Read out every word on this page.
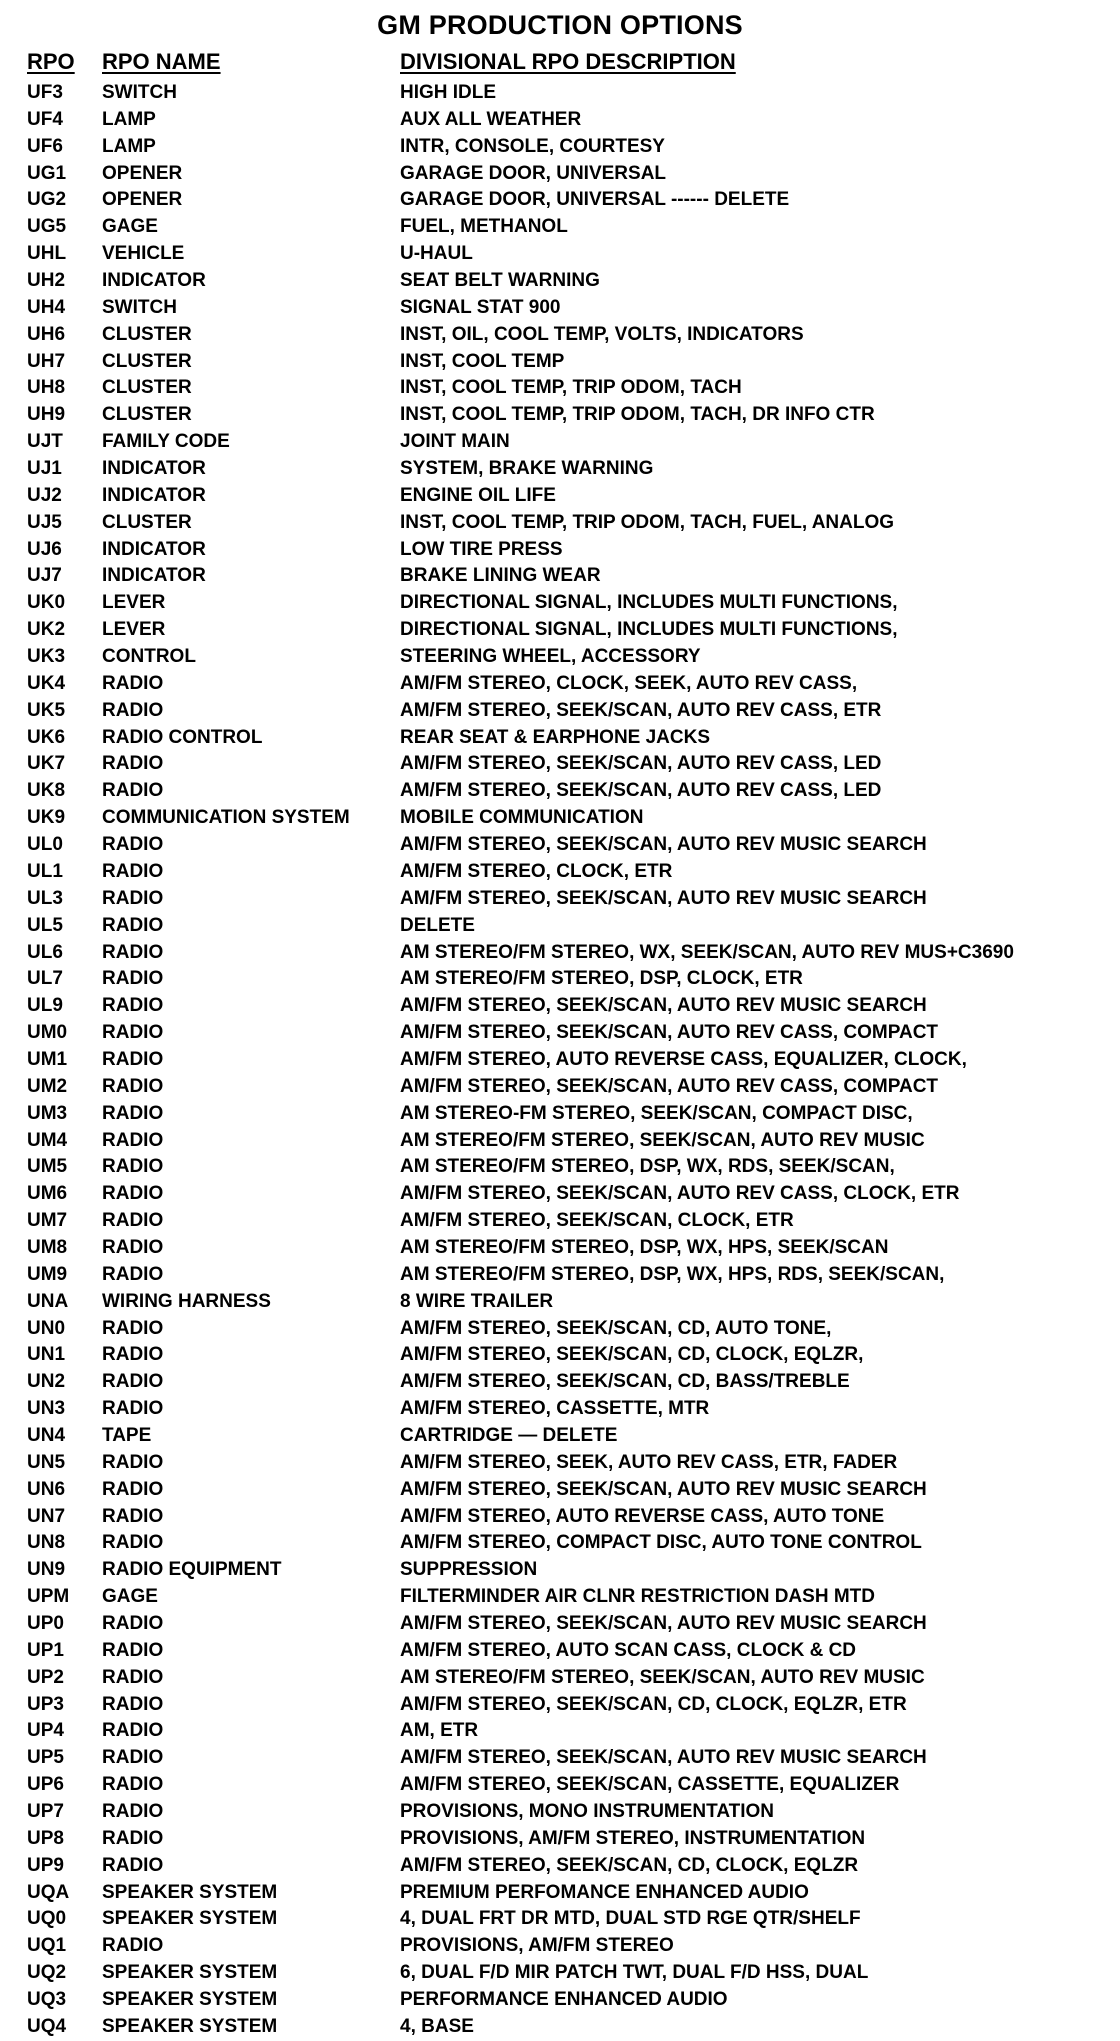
GM PRODUCTION OPTIONS
RPO RPO NAME	DIVISIONAL RPO DESCRIPTION
UF3 SWITCH	HIGH IDLE
UF4 LAMP	AUX ALL WEATHER
UF6 LAMP	INTR, CONSOLE, COURTESY
UG1 OPENER	GARAGE DOOR, UNIVERSAL
UG2 OPENER	GARAGE DOOR, UNIVERSAL ------ DELETE
UG5 GAGE	FUEL, METHANOL
UHL VEHICLE	U-HAUL
UH2 INDICATOR	SEAT BELT WARNING
UH4 SWITCH	SIGNAL STAT 900
UH6 CLUSTER	INST, OIL, COOL TEMP, VOLTS, INDICATORS
UH7 CLUSTER	INST, COOL TEMP
UH8 CLUSTER	INST, COOL TEMP, TRIP ODOM, TACH
UH9 CLUSTER	INST, COOL TEMP, TRIP ODOM, TACH, DR INFO CTR
UJT FAMILY CODE	JOINT MAIN
UJ1 INDICATOR	SYSTEM, BRAKE WARNING
UJ2 INDICATOR	ENGINE OIL LIFE
UJ5 CLUSTER	INST, COOL TEMP, TRIP ODOM, TACH, FUEL, ANALOG
UJ6 INDICATOR	LOW TIRE PRESS
UJ7 INDICATOR	BRAKE LINING WEAR
UK0 LEVER	DIRECTIONAL SIGNAL, INCLUDES MULTI FUNCTIONS,
UK2 LEVER	DIRECTIONAL SIGNAL, INCLUDES MULTI FUNCTIONS,
UK3 CONTROL	STEERING WHEEL, ACCESSORY
UK4 RADIO	AM/FM STEREO, CLOCK, SEEK, AUTO REV CASS,
UK5 RADIO	AM/FM STEREO, SEEK/SCAN, AUTO REV CASS, ETR
UK6 RADIO CONTROL	REAR SEAT & EARPHONE JACKS
UK7 RADIO	AM/FM STEREO, SEEK/SCAN, AUTO REV CASS, LED
UK8 RADIO	AM/FM STEREO, SEEK/SCAN, AUTO REV CASS, LED
UK9 COMMUNICATION SYSTEM	MOBILE COMMUNICATION
UL0 RADIO	AM/FM STEREO, SEEK/SCAN, AUTO REV MUSIC SEARCH
UL1 RADIO	AM/FM STEREO, CLOCK, ETR
UL3 RADIO	AM/FM STEREO, SEEK/SCAN, AUTO REV MUSIC SEARCH
UL5 RADIO	DELETE
UL6 RADIO	AM STEREO/FM STEREO, WX, SEEK/SCAN, AUTO REV MUS+C3690
UL7 RADIO	AM STEREO/FM STEREO, DSP, CLOCK, ETR
UL9 RADIO	AM/FM STEREO, SEEK/SCAN, AUTO REV MUSIC SEARCH
UM0 RADIO	AM/FM STEREO, SEEK/SCAN, AUTO REV CASS, COMPACT
UM1 RADIO	AM/FM STEREO, AUTO REVERSE CASS, EQUALIZER, CLOCK,
UM2 RADIO	AM/FM STEREO, SEEK/SCAN, AUTO REV CASS, COMPACT
UM3 RADIO	AM STEREO-FM STEREO, SEEK/SCAN, COMPACT DISC,
UM4 RADIO	AM STEREO/FM STEREO, SEEK/SCAN, AUTO REV MUSIC
UM5 RADIO	AM STEREO/FM STEREO, DSP, WX, RDS, SEEK/SCAN,
UM6 RADIO	AM/FM STEREO, SEEK/SCAN, AUTO REV CASS, CLOCK, ETR
UM7 RADIO	AM/FM STEREO, SEEK/SCAN, CLOCK, ETR
UM8 RADIO	AM STEREO/FM STEREO, DSP, WX, HPS, SEEK/SCAN
UM9 RADIO	AM STEREO/FM STEREO, DSP, WX, HPS, RDS, SEEK/SCAN,
UNA WIRING HARNESS	8 WIRE TRAILER
UN0 RADIO	AM/FM STEREO, SEEK/SCAN, CD, AUTO TONE,
UN1 RADIO	AM/FM STEREO, SEEK/SCAN, CD, CLOCK, EQLZR,
UN2 RADIO	AM/FM STEREO, SEEK/SCAN, CD, BASS/TREBLE
UN3 RADIO	AM/FM STEREO, CASSETTE, MTR
UN4 TAPE	CARTRIDGE — DELETE
UN5 RADIO	AM/FM STEREO, SEEK, AUTO REV CASS, ETR, FADER
UN6 RADIO	AM/FM STEREO, SEEK/SCAN, AUTO REV MUSIC SEARCH
UN7 RADIO	AM/FM STEREO, AUTO REVERSE CASS, AUTO TONE
UN8 RADIO	AM/FM STEREO, COMPACT DISC, AUTO TONE CONTROL
UN9 RADIO EQUIPMENT	SUPPRESSION
UPM GAGE	FILTERMINDER AIR CLNR RESTRICTION DASH MTD
UP0 RADIO	AM/FM STEREO, SEEK/SCAN, AUTO REV MUSIC SEARCH
UP1 RADIO	AM/FM STEREO, AUTO SCAN CASS, CLOCK & CD
UP2 RADIO	AM STEREO/FM STEREO, SEEK/SCAN, AUTO REV MUSIC
UP3 RADIO	AM/FM STEREO, SEEK/SCAN, CD, CLOCK, EQLZR, ETR
UP4 RADIO	AM, ETR
UP5 RADIO	AM/FM STEREO, SEEK/SCAN, AUTO REV MUSIC SEARCH
UP6 RADIO	AM/FM STEREO, SEEK/SCAN, CASSETTE, EQUALIZER
UP7 RADIO	PROVISIONS, MONO INSTRUMENTATION
UP8 RADIO	PROVISIONS, AM/FM STEREO, INSTRUMENTATION
UP9 RADIO	AM/FM STEREO, SEEK/SCAN, CD, CLOCK, EQLZR
UQA SPEAKER SYSTEM	PREMIUM PERFOMANCE ENHANCED AUDIO
UQ0 SPEAKER SYSTEM	4, DUAL FRT DR MTD, DUAL STD RGE QTR/SHELF
UQ1 RADIO	PROVISIONS, AM/FM STEREO
UQ2 SPEAKER SYSTEM	6, DUAL F/D MIR PATCH TWT, DUAL F/D HSS, DUAL
UQ3 SPEAKER SYSTEM	PERFORMANCE ENHANCED AUDIO
UQ4 SPEAKER SYSTEM	4, BASE
